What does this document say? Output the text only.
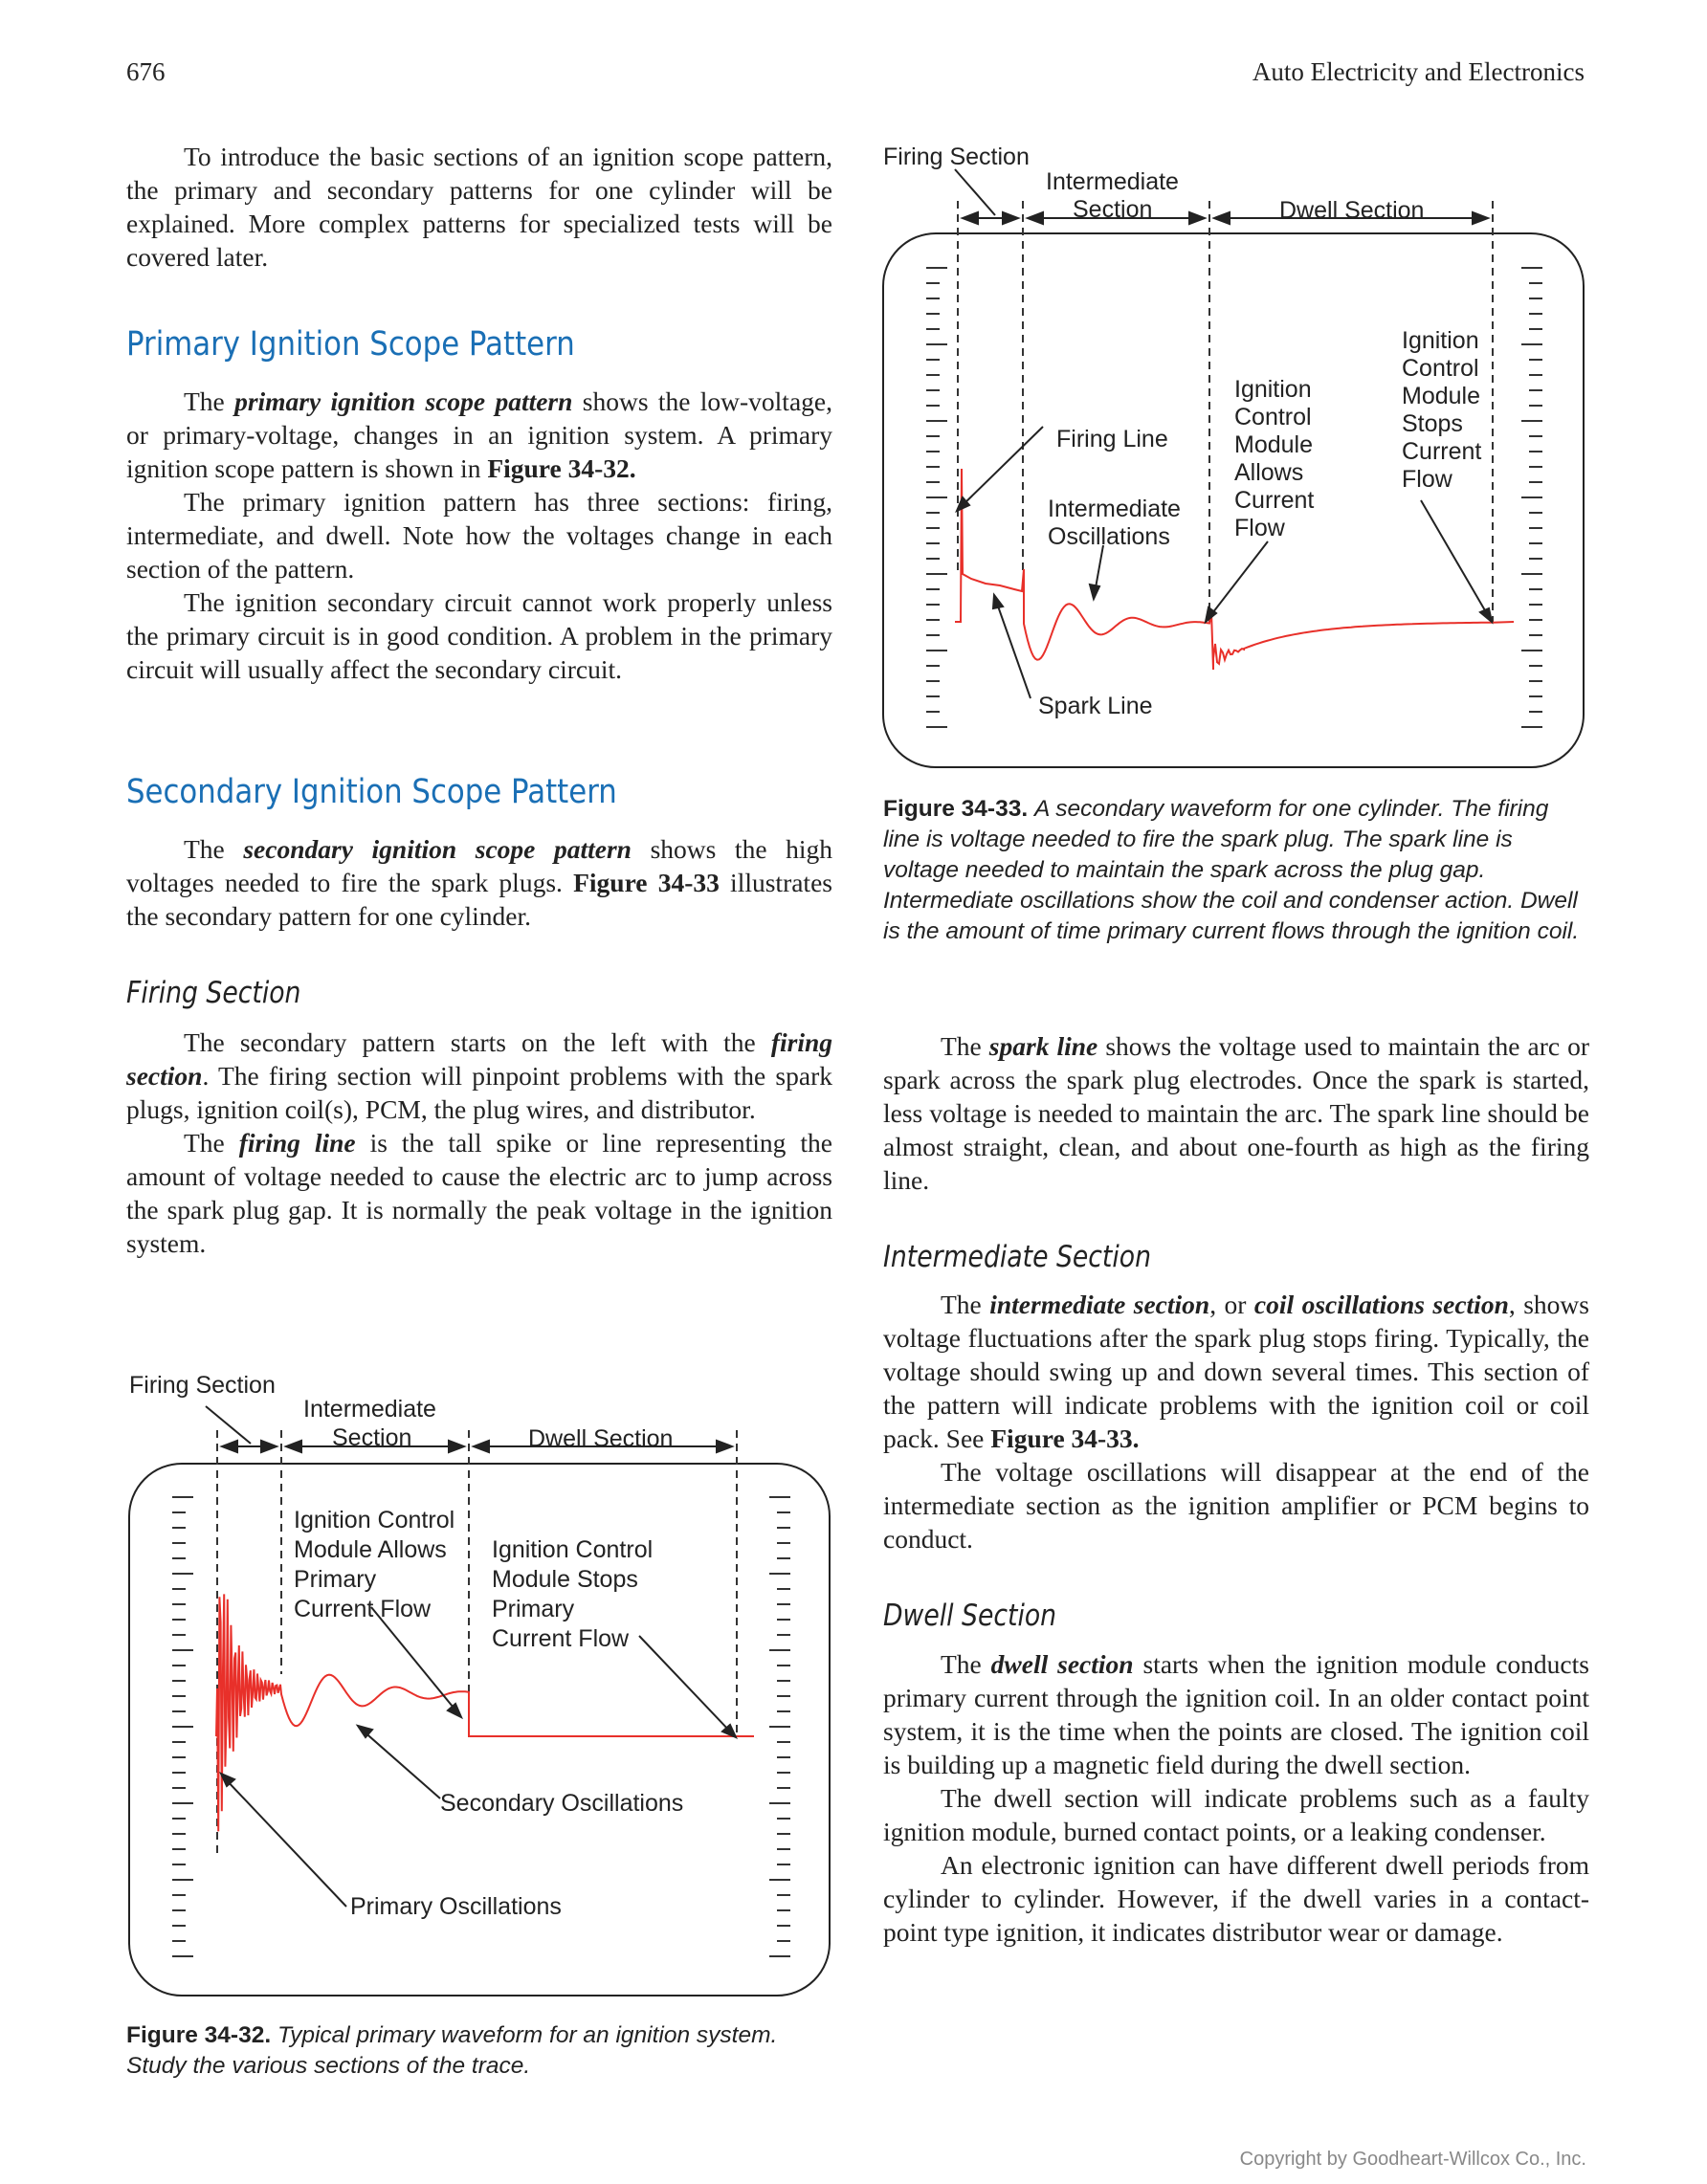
676	Auto Electricity and Electronics

To introduce the basic sections of an ignition scope pattern, the primary and secondary patterns for one cylinder will be explained. More complex patterns for specialized tests will be covered later.

Primary Ignition Scope Pattern

The primary ignition scope pattern shows the low-voltage, or primary-voltage, changes in an ignition system. A primary ignition scope pattern is shown in Figure 34-32.

The primary ignition pattern has three sections: firing, intermediate, and dwell. Note how the voltages change in each section of the pattern.

The ignition secondary circuit cannot work properly unless the primary circuit is in good condition. A problem in the primary circuit will usually affect the secondary circuit.

Secondary Ignition Scope Pattern

The secondary ignition scope pattern shows the high voltages needed to fire the spark plugs. Figure 34-33 illustrates the secondary pattern for one cylinder.

Firing Section

The secondary pattern starts on the left with the firing section. The firing section will pinpoint problems with the spark plugs, ignition coil(s), PCM, the plug wires, and distributor.

The firing line is the tall spike or line representing the amount of voltage needed to cause the electric arc to jump across the spark plug gap. It is normally the peak voltage in the ignition system.

Firing Section
Intermediate
Section	Dwell Section
Ignition Control
Module Allows
Primary
Current Flow
Ignition Control
Module Stops
Primary
Current Flow
Secondary Oscillations
Primary Oscillations
Figure 34-32. Typical primary waveform for an ignition system. Study the various sections of the trace.
Firing Section
Intermediate
Section	Dwell Section
Firing Line
Intermediate
Oscillations
Spark Line
Ignition
Control
Module
Allows
Current
Flow
Ignition
Control
Module
Stops
Current
Flow
Figure 34-33. A secondary waveform for one cylinder. The firing line is voltage needed to fire the spark plug. The spark line is voltage needed to maintain the spark across the plug gap. Intermediate oscillations show the coil and condenser action. Dwell is the amount of time primary current flows through the ignition coil.

The spark line shows the voltage used to maintain the arc or spark across the spark plug electrodes. Once the spark is started, less voltage is needed to maintain the arc. The spark line should be almost straight, clean, and about one-fourth as high as the firing line.

Intermediate Section

The intermediate section, or coil oscillations section, shows voltage fluctuations after the spark plug stops firing. Typically, the voltage should swing up and down several times. This section of the pattern will indicate problems with the ignition coil or coil pack. See Figure 34-33.

The voltage oscillations will disappear at the end of the intermediate section as the ignition amplifier or PCM begins to conduct.

Dwell Section

The dwell section starts when the ignition module conducts primary current through the ignition coil. In an older contact point system, it is the time when the points are closed. The ignition coil is building up a magnetic field during the dwell section.

The dwell section will indicate problems such as a faulty ignition module, burned contact points, or a leaking condenser.

An electronic ignition can have different dwell periods from cylinder to cylinder. However, if the dwell varies in a contact-point type ignition, it indicates distributor wear or damage.

Copyright by Goodheart-Willcox Co., Inc.
